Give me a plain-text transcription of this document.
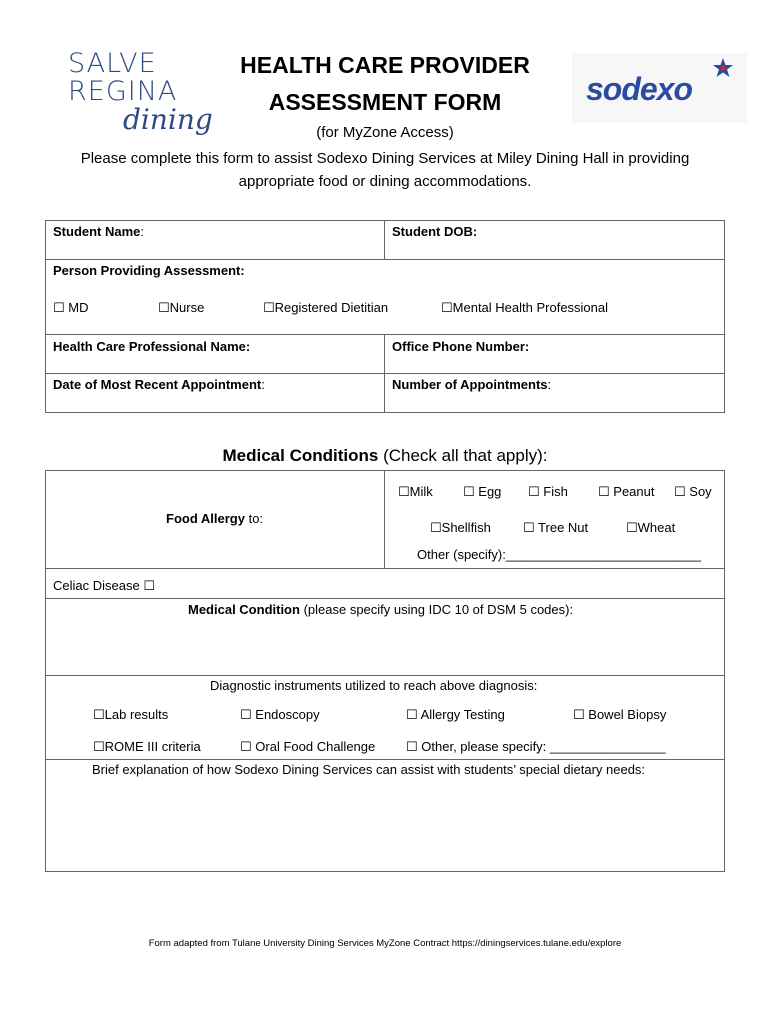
SALVE
REGINA
dining
sodexo
HEALTH CARE PROVIDER
ASSESSMENT FORM
(for MyZone Access)
Please complete this form to assist Sodexo Dining Services at Miley Dining Hall in providing
appropriate food or dining accommodations.
Student Name:	Student DOB:
Person Providing Assessment:
☐ MD	☐Nurse	☐Registered Dietitian	☐Mental Health Professional
Health Care Professional Name:	Office Phone Number:
Date of Most Recent Appointment:	Number of Appointments:
Medical Conditions (Check all that apply):
Food Allergy to:
☐Milk ☐ Egg ☐ Fish ☐ Peanut ☐ Soy
☐Shellfish ☐ Tree Nut	☐Wheat
Other (specify):___________________________
Celiac Disease ☐
Medical Condition (please specify using IDC 10 of DSM 5 codes):
Diagnostic instruments utilized to reach above diagnosis:
☐Lab results	☐ Endoscopy	☐ Allergy Testing	☐ Bowel Biopsy
☐ROME III criteria	☐ Oral Food Challenge ☐ Other, please specify: ________________
Brief explanation of how Sodexo Dining Services can assist with students’ special dietary needs:
Form adapted from Tulane University Dining Services MyZone Contract https://diningservices.tulane.edu/explore
